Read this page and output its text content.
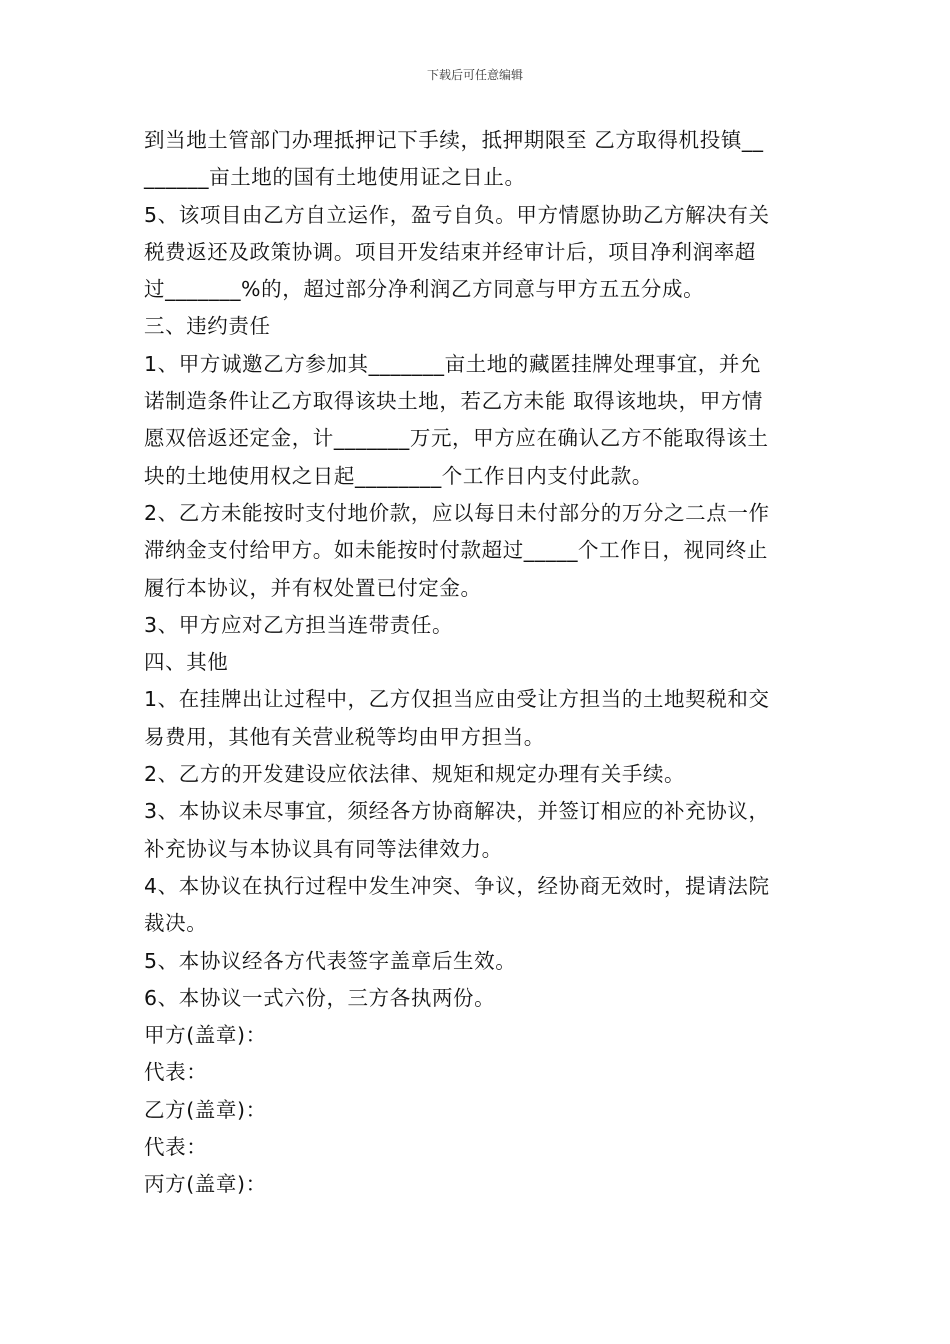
下载后可任意编辑

到当地土管部门办理抵押记下手续，抵押期限至 乙方取得机投镇__

______亩土地的国有土地使用证之日止。

5、该项目由乙方自立运作，盈亏自负。甲方情愿协助乙方解决有关

税费返还及政策协调。项目开发结束并经审计后，项目净利润率超

过_______%的，超过部分净利润乙方同意与甲方五五分成。

三、违约责任

1、甲方诚邀乙方参加其_______亩土地的藏匿挂牌处理事宜，并允

诺制造条件让乙方取得该块土地，若乙方未能 取得该地块，甲方情

愿双倍返还定金，计_______万元，甲方应在确认乙方不能取得该土

块的土地使用权之日起________个工作日内支付此款。

2、乙方未能按时支付地价款，应以每日未付部分的万分之二点一作

滞纳金支付给甲方。如未能按时付款超过_____个工作日，视同终止

履行本协议，并有权处置已付定金。

3、甲方应对乙方担当连带责任。

四、其他

1、在挂牌出让过程中，乙方仅担当应由受让方担当的土地契税和交

易费用，其他有关营业税等均由甲方担当。

2、乙方的开发建设应依法律、规矩和规定办理有关手续。

3、本协议未尽事宜，须经各方协商解决，并签订相应的补充协议，

补充协议与本协议具有同等法律效力。

4、本协议在执行过程中发生冲突、争议，经协商无效时，提请法院

裁决。

5、本协议经各方代表签字盖章后生效。

6、本协议一式六份，三方各执两份。

甲方(盖章)：

代表：

乙方(盖章)：

代表：

丙方(盖章)：
